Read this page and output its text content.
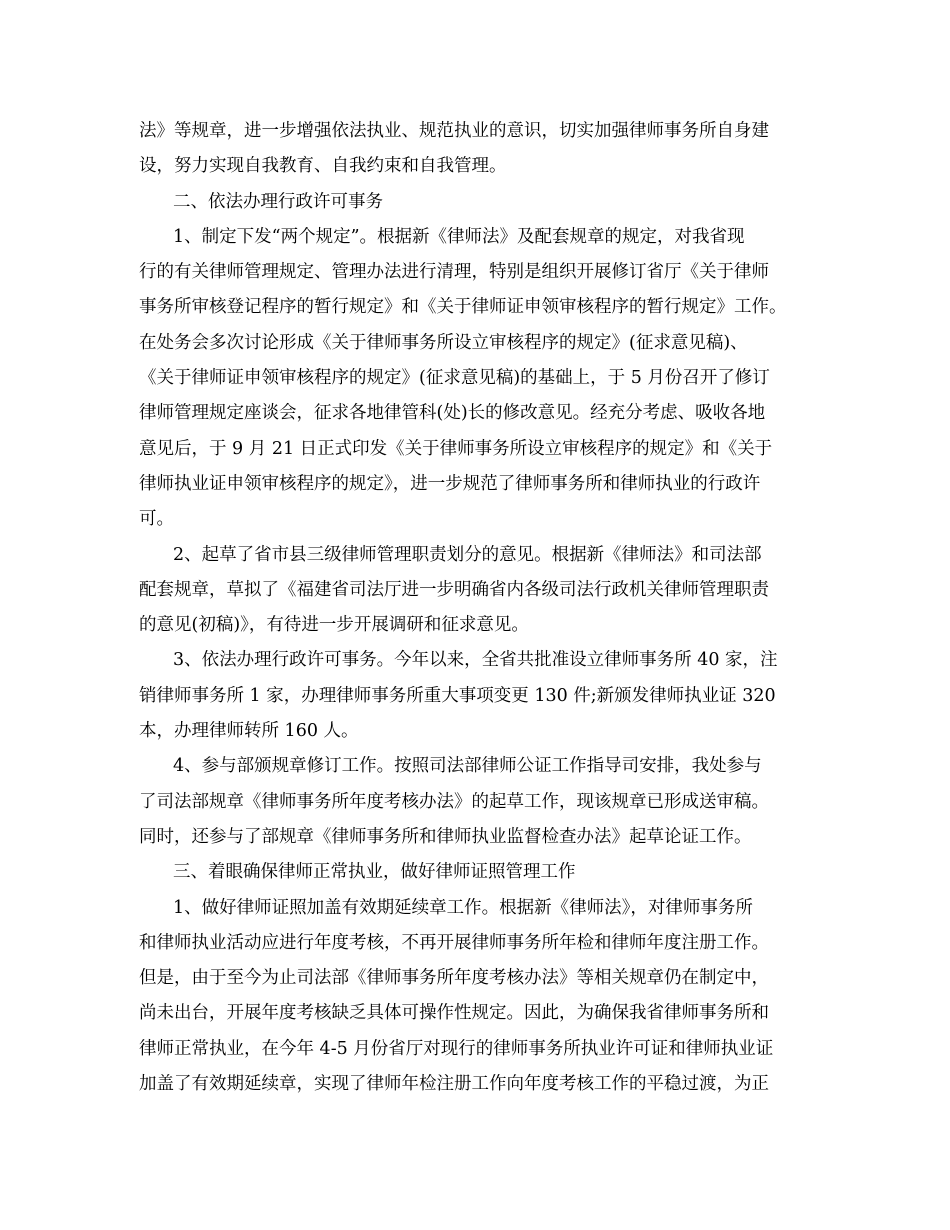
法》等规章，进一步增强依法执业、规范执业的意识，切实加强律师事务所自身建
设，努力实现自我教育、自我约束和自我管理。
二、依法办理行政许可事务
1、制定下发“两个规定”。根据新《律师法》及配套规章的规定，对我省现
行的有关律师管理规定、管理办法进行清理，特别是组织开展修订省厅《关于律师
事务所审核登记程序的暂行规定》和《关于律师证申领审核程序的暂行规定》工作。
在处务会多次讨论形成《关于律师事务所设立审核程序的规定》(征求意见稿)、
《关于律师证申领审核程序的规定》(征求意见稿)的基础上，于 5 月份召开了修订
律师管理规定座谈会，征求各地律管科(处)长的修改意见。经充分考虑、吸收各地
意见后，于 9 月 21 日正式印发《关于律师事务所设立审核程序的规定》和《关于
律师执业证申领审核程序的规定》，进一步规范了律师事务所和律师执业的行政许
可。
2、起草了省市县三级律师管理职责划分的意见。根据新《律师法》和司法部
配套规章，草拟了《福建省司法厅进一步明确省内各级司法行政机关律师管理职责
的意见(初稿)》，有待进一步开展调研和征求意见。
3、依法办理行政许可事务。今年以来，全省共批准设立律师事务所 40 家，注
销律师事务所 1 家，办理律师事务所重大事项变更 130 件;新颁发律师执业证 320
本，办理律师转所 160 人。
4、参与部颁规章修订工作。按照司法部律师公证工作指导司安排，我处参与
了司法部规章《律师事务所年度考核办法》的起草工作，现该规章已形成送审稿。
同时，还参与了部规章《律师事务所和律师执业监督检查办法》起草论证工作。
三、着眼确保律师正常执业，做好律师证照管理工作
1、做好律师证照加盖有效期延续章工作。根据新《律师法》，对律师事务所
和律师执业活动应进行年度考核，不再开展律师事务所年检和律师年度注册工作。
但是，由于至今为止司法部《律师事务所年度考核办法》等相关规章仍在制定中，
尚未出台，开展年度考核缺乏具体可操作性规定。因此，为确保我省律师事务所和
律师正常执业，在今年 4-5 月份省厅对现行的律师事务所执业许可证和律师执业证
加盖了有效期延续章，实现了律师年检注册工作向年度考核工作的平稳过渡，为正
